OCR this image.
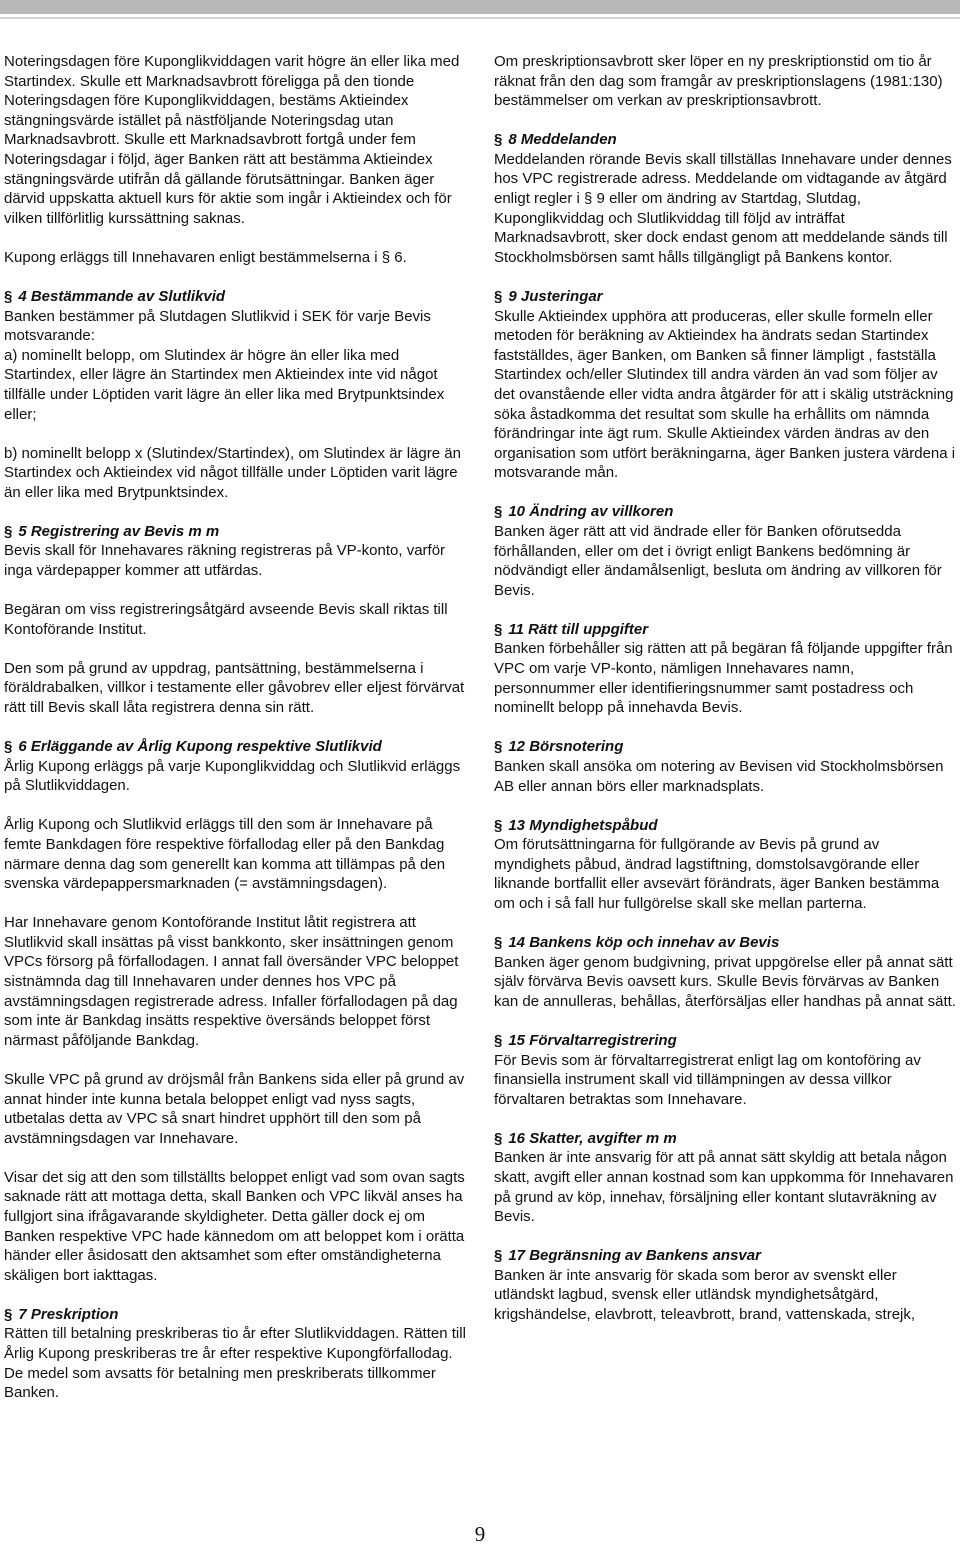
Noteringsdagen före Kuponglikviddagen varit högre än eller lika med Startindex. Skulle ett Marknadsavbrott föreligga på den tionde Noteringsdagen före Kuponglikviddagen, bestäms Aktieindex stängningsvärde istället på nästföljande Noteringsdag utan Marknadsavbrott. Skulle ett Marknadsavbrott fortgå under fem Noteringsdagar i följd, äger Banken rätt att bestämma Aktieindex stängningsvärde utifrån då gällande förutsättningar. Banken äger därvid uppskatta aktuell kurs för aktie som ingår i Aktieindex och för vilken tillförlitlig kurssättning saknas.

Kupong erläggs till Innehavaren enligt bestämmelserna i § 6.

§ 4 Bestämmande av Slutlikvid

Banken bestämmer på Slutdagen Slutlikvid i SEK för varje Bevis motsvarande:
a) nominellt belopp, om Slutindex är högre än eller lika med Startindex, eller lägre än Startindex men Aktieindex inte vid något tillfälle under Löptiden varit lägre än eller lika med Brytpunktsindex eller;

b) nominellt belopp x (Slutindex/Startindex), om Slutindex är lägre än Startindex och Aktieindex vid något tillfälle under Löptiden varit lägre än eller lika med Brytpunktsindex.

§ 5 Registrering av Bevis m m

Bevis skall för Innehavares räkning registreras på VP-konto, varför inga värdepapper kommer att utfärdas.

Begäran om viss registreringsåtgärd avseende Bevis skall riktas till Kontoförande Institut.

Den som på grund av uppdrag, pantsättning, bestämmelserna i föräldrabalken, villkor i testamente eller gåvobrev eller eljest förvärvat rätt till Bevis skall låta registrera denna sin rätt.

§ 6 Erläggande av Årlig Kupong respektive Slutlikvid

Årlig Kupong erläggs på varje Kuponglikviddag och Slutlikvid erläggs på Slutlikviddagen.

Årlig Kupong och Slutlikvid erläggs till den som är Innehavare på femte Bankdagen före respektive förfallodag eller på den Bankdag närmare denna dag som generellt kan komma att tillämpas på den svenska värdepappersmarknaden (= avstämningsdagen).

Har Innehavare genom Kontoförande Institut låtit registrera att Slutlikvid skall insättas på visst bankkonto, sker insättningen genom VPCs försorg på förfallodagen. I annat fall översänder VPC beloppet sistnämnda dag till Innehavaren under dennes hos VPC på avstämningsdagen registrerade adress. Infaller förfallodagen på dag som inte är Bankdag insätts respektive översänds beloppet först närmast påföljande Bankdag.

Skulle VPC på grund av dröjsmål från Bankens sida eller på grund av annat hinder inte kunna betala beloppet enligt vad nyss sagts, utbetalas detta av VPC så snart hindret upphört till den som på avstämningsdagen var Innehavare.

Visar det sig att den som tillställts beloppet enligt vad som ovan sagts saknade rätt att mottaga detta, skall Banken och VPC likväl anses ha fullgjort sina ifrågavarande skyldigheter. Detta gäller dock ej om Banken respektive VPC hade kännedom om att beloppet kom i orätta händer eller åsidosatt den aktsamhet som efter omständigheterna skäligen bort iakttagas.

§ 7 Preskription

Rätten till betalning preskriberas tio år efter Slutlikviddagen. Rätten till Årlig Kupong preskriberas tre år efter respektive Kupongförfallodag. De medel som avsatts för betalning men preskriberats tillkommer Banken.

Om preskriptionsavbrott sker löper en ny preskriptionstid om tio år räknat från den dag som framgår av preskriptionslagens (1981:130) bestämmelser om verkan av preskriptionsavbrott.

§ 8 Meddelanden

Meddelanden rörande Bevis skall tillställas Innehavare under dennes hos VPC registrerade adress. Meddelande om vidtagande av åtgärd enligt regler i § 9 eller om ändring av Startdag, Slutdag, Kuponglikviddag och Slutlikviddag till följd av inträffat Marknadsavbrott, sker dock endast genom att meddelande sänds till Stockholmsbörsen samt hålls tillgängligt på Bankens kontor.

§ 9 Justeringar

Skulle Aktieindex upphöra att produceras, eller skulle formeln eller metoden för beräkning av Aktieindex ha ändrats sedan Startindex fastställdes, äger Banken, om Banken så finner lämpligt , fastställa Startindex och/eller Slutindex till andra värden än vad som följer av det ovanstående eller vidta andra åtgärder för att i skälig utsträckning söka åstadkomma det resultat som skulle ha erhållits om nämnda förändringar inte ägt rum. Skulle Aktieindex värden ändras av den organisation som utfört beräkningarna, äger Banken justera värdena i motsvarande mån.

§ 10 Ändring av villkoren

Banken äger rätt att vid ändrade eller för Banken oförutsedda förhållanden, eller om det i övrigt enligt Bankens bedömning är nödvändigt eller ändamålsenligt, besluta om ändring av villkoren för Bevis.

§ 11 Rätt till uppgifter

Banken förbehåller sig rätten att på begäran få följande uppgifter från VPC om varje VP-konto, nämligen Innehavares namn, personnummer eller identifieringsnummer samt postadress och nominellt belopp på innehavda Bevis.

§ 12 Börsnotering

Banken skall ansöka om notering av Bevisen vid Stockholmsbörsen AB eller annan börs eller marknadsplats.

§ 13 Myndighetspåbud

Om förutsättningarna för fullgörande av Bevis på grund av myndighets påbud, ändrad lagstiftning, domstolsavgörande eller liknande bortfallit eller avsevärt förändrats, äger Banken bestämma om och i så fall hur fullgörelse skall ske mellan parterna.

§ 14 Bankens köp och innehav av Bevis

Banken äger genom budgivning, privat uppgörelse eller på annat sätt själv förvärva Bevis oavsett kurs. Skulle Bevis förvärvas av Banken kan de annulleras, behållas, återförsäljas eller handhas på annat sätt.

§ 15 Förvaltarregistrering

För Bevis som är förvaltarregistrerat enligt lag om kontoföring av finansiella instrument skall vid tillämpningen av dessa villkor förvaltaren betraktas som Innehavare.

§ 16 Skatter, avgifter m m

Banken är inte ansvarig för att på annat sätt skyldig att betala någon skatt, avgift eller annan kostnad som kan uppkomma för Innehavaren på grund av köp, innehav, försäljning eller kontant slutavräkning av Bevis.

§ 17 Begränsning av Bankens ansvar

Banken är inte ansvarig för skada som beror av svenskt eller utländskt lagbud, svensk eller utländsk myndighetsåtgärd, krigshändelse, elavbrott, teleavbrott, brand, vattenskada, strejk,

9
